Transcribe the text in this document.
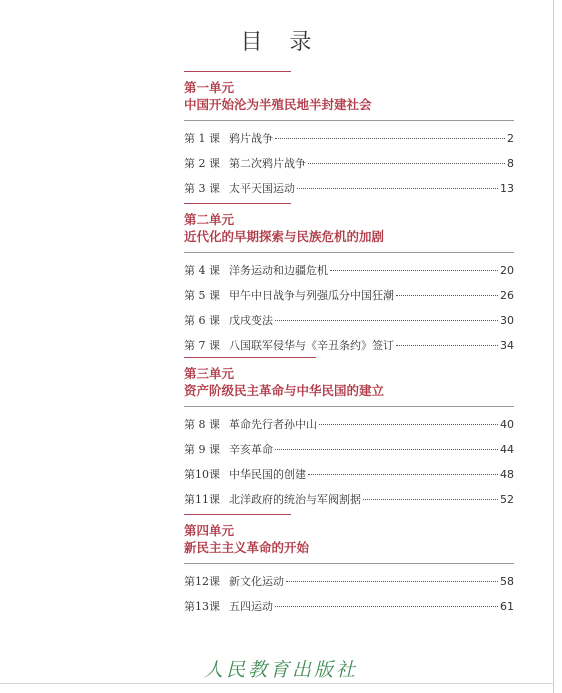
目 录
第一单元
中国开始沦为半殖民地半封建社会
第 1 课 鸦片战争	2
第 2 课 第二次鸦片战争	8
第 3 课 太平天国运动	13
第二单元
近代化的早期探索与民族危机的加剧
第 4 课 洋务运动和边疆危机	20
第 5 课 甲午中日战争与列强瓜分中国狂潮	26
第 6 课 戊戌变法	30
第 7 课 八国联军侵华与《辛丑条约》签订	34
第三单元
资产阶级民主革命与中华民国的建立
第 8 课 革命先行者孙中山	40
第 9 课 辛亥革命	44
第10课 中华民国的创建	48
第11课 北洋政府的统治与军阀割据	52
第四单元
新民主主义革命的开始
第12课 新文化运动	58
第13课 五四运动	61
人民教育出版社
